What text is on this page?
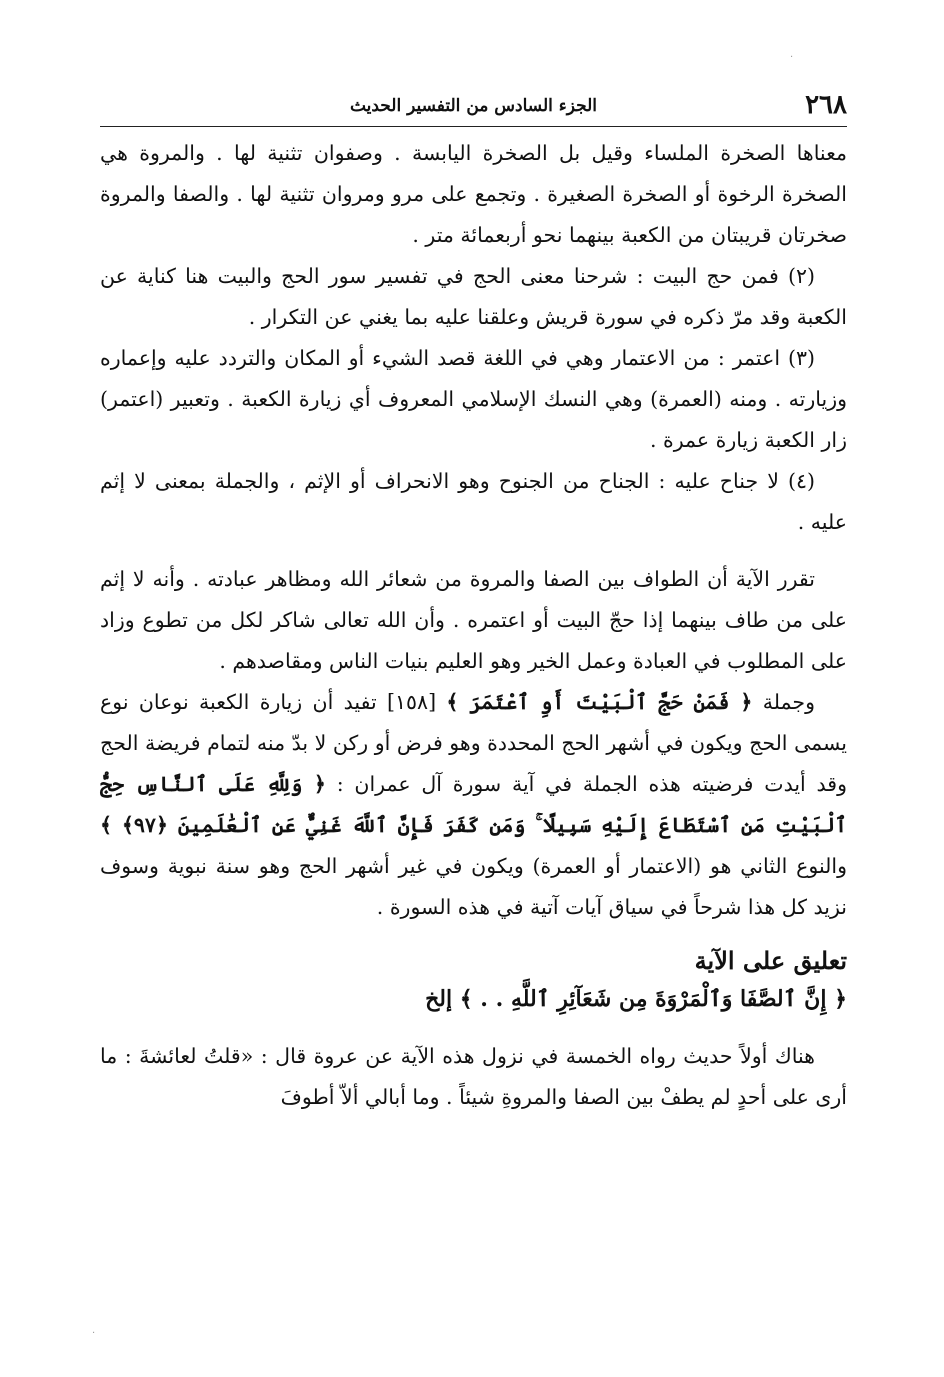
·
·
٢٦٨
الجزء السادس من التفسير الحديث

معناها الصخرة الملساء وقيل بل الصخرة اليابسة . وصفوان تثنية لها . والمروة هي الصخرة الرخوة أو الصخرة الصغيرة . وتجمع على مرو ومروان تثنية لها . والصفا والمروة صخرتان قريبتان من الكعبة بينهما نحو أربعمائة متر .

(٢) فمن حج البيت : شرحنا معنى الحج في تفسير سور الحج والبيت هنا كناية عن الكعبة وقد مرّ ذكره في سورة قريش وعلقنا عليه بما يغني عن التكرار .

(٣) اعتمر : من الاعتمار وهي في اللغة قصد الشيء أو المكان والتردد عليه وإعماره وزيارته . ومنه (العمرة) وهي النسك الإسلامي المعروف أي زيارة الكعبة . وتعبير (اعتمر) زار الكعبة زيارة عمرة .

(٤) لا جناح عليه : الجناح من الجنوح وهو الانحراف أو الإثم ، والجملة بمعنى لا إثم عليه .

تقرر الآية أن الطواف بين الصفا والمروة من شعائر الله ومظاهر عبادته . وأنه لا إثم على من طاف بينهما إذا حجّ البيت أو اعتمره . وأن الله تعالى شاكر لكل من تطوع وزاد على المطلوب في العبادة وعمل الخير وهو العليم بنيات الناس ومقاصدهم .

وجملة ﴿ فَمَنْ حَجَّ ٱلْبَيْتَ أَوِ ٱعْتَمَرَ ﴾ [١٥٨] تفيد أن زيارة الكعبة نوعان نوع يسمى الحج ويكون في أشهر الحج المحددة وهو فرض أو ركن لا بدّ منه لتمام فريضة الحج وقد أيدت فرضيته هذه الجملة في آية سورة آل عمران : ﴿ وَلِلَّهِ عَلَى ٱلنَّاسِ حِجُّ ٱلْبَيْتِ مَنِ ٱسْتَطَاعَ إِلَيْهِ سَبِيلًا ۚ وَمَن كَفَرَ فَإِنَّ ٱللَّهَ غَنِيٌّ عَنِ ٱلْعَٰلَمِينَ ﴿٩٧﴾ ﴾ والنوع الثاني هو (الاعتمار أو العمرة) ويكون في غير أشهر الحج وهو سنة نبوية وسوف نزيد كل هذا شرحاً في سياق آيات آتية في هذه السورة .

تعليق على الآية
﴿ إِنَّ ٱلصَّفَا وَٱلْمَرْوَةَ مِن شَعَآئِرِ ٱللَّهِ . . ﴾ إلخ

هناك أولاً حديث رواه الخمسة في نزول هذه الآية عن عروة قال : «قلتُ لعائشةَ : ما أرى على أحدٍ لم يطفْ بين الصفا والمروةِ شيئاً . وما أبالي ألاّ أطوفَ
